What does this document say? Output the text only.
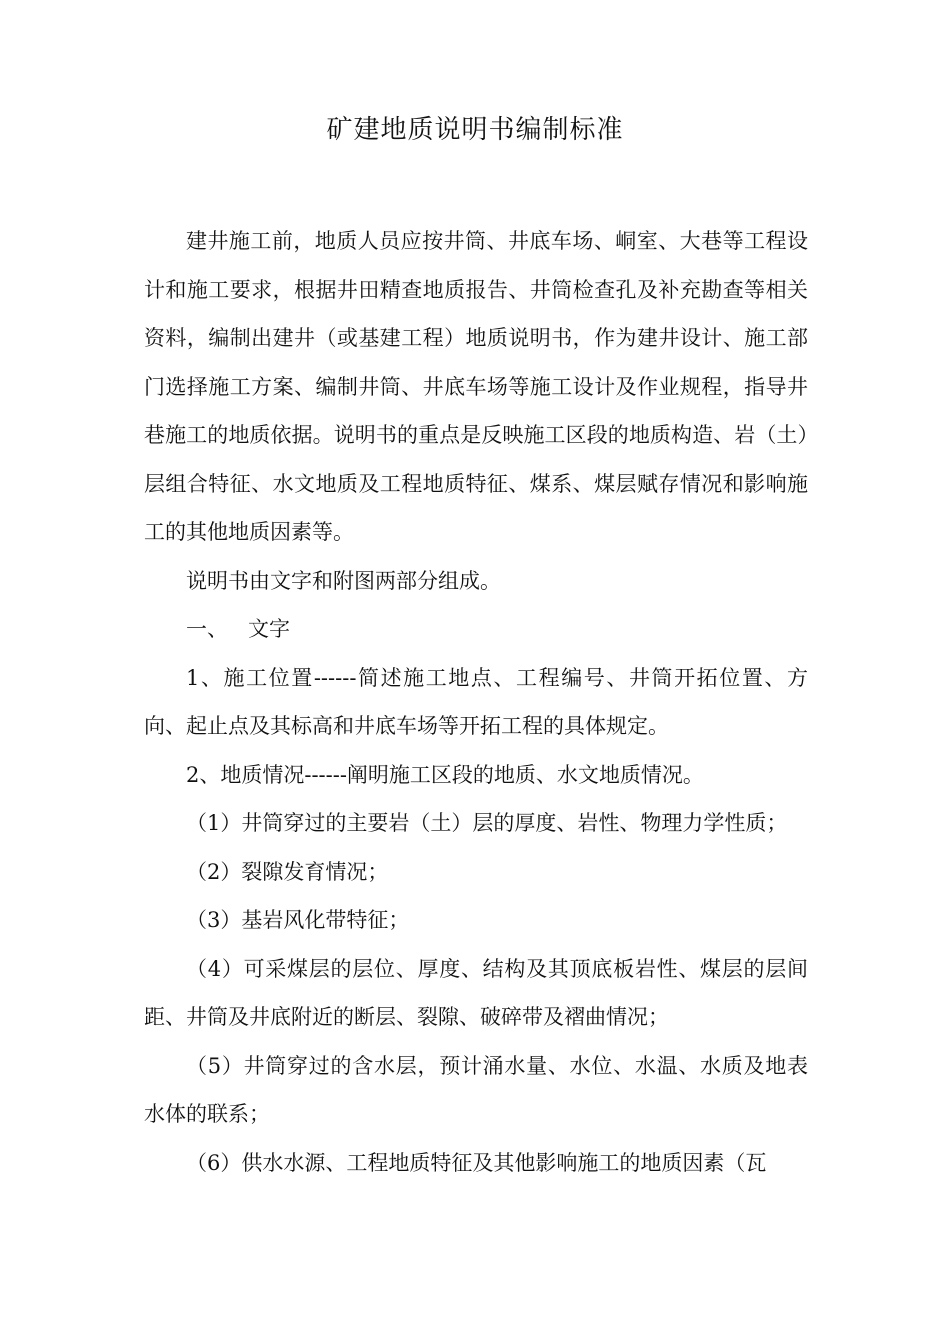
矿建地质说明书编制标准

建井施工前，地质人员应按井筒、井底车场、峒室、大巷等工程设计和施工要求，根据井田精查地质报告、井筒检查孔及补充勘查等相关资料，编制出建井（或基建工程）地质说明书，作为建井设计、施工部门选择施工方案、编制井筒、井底车场等施工设计及作业规程，指导井巷施工的地质依据。说明书的重点是反映施工区段的地质构造、岩（土）层组合特征、水文地质及工程地质特征、煤系、煤层赋存情况和影响施工的其他地质因素等。

说明书由文字和附图两部分组成。

一、 文字

1、施工位置------简述施工地点、工程编号、井筒开拓位置、方向、起止点及其标高和井底车场等开拓工程的具体规定。

2、地质情况------阐明施工区段的地质、水文地质情况。

（1）井筒穿过的主要岩（土）层的厚度、岩性、物理力学性质；

（2）裂隙发育情况；

（3）基岩风化带特征；

（4）可采煤层的层位、厚度、结构及其顶底板岩性、煤层的层间距、井筒及井底附近的断层、裂隙、破碎带及褶曲情况；

（5）井筒穿过的含水层，预计涌水量、水位、水温、水质及地表水体的联系；

（6）供水水源、工程地质特征及其他影响施工的地质因素（瓦
